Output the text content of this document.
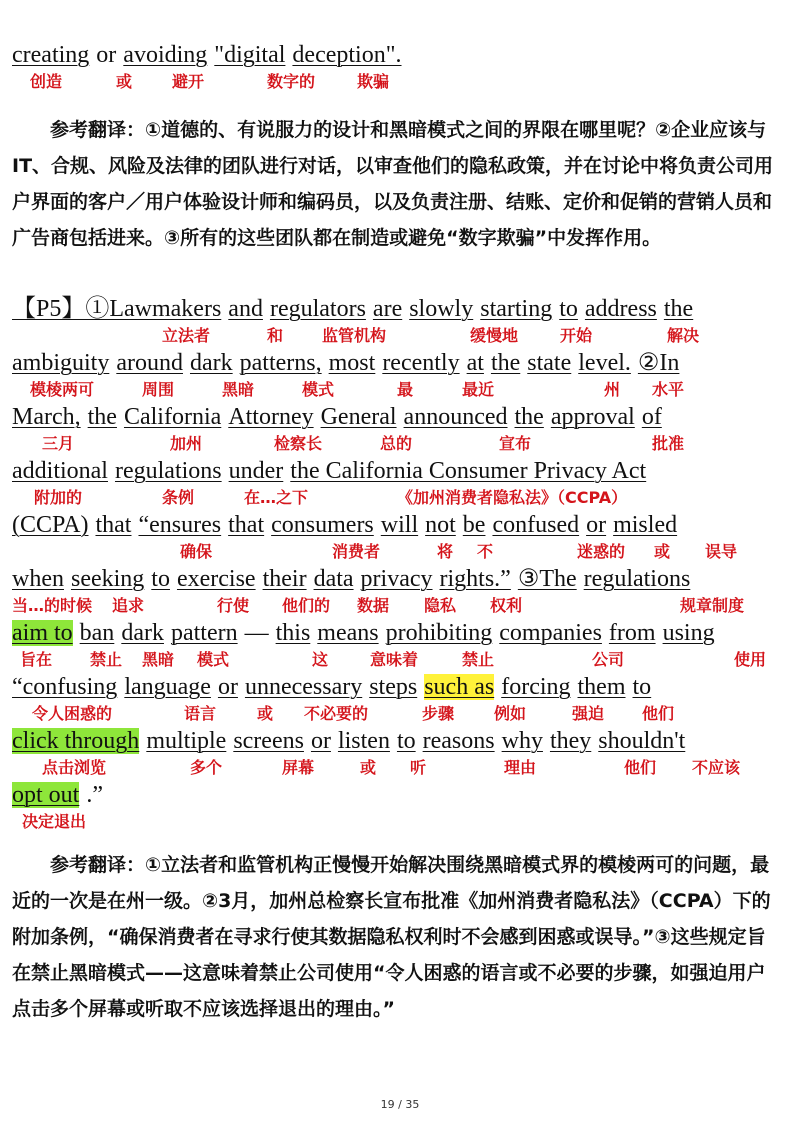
creating or avoiding "digital deception".
创造	或 避开	数字的	欺骗
参考翻译：①道德的、有说服力的设计和黑暗模式之间的界限在哪里呢？②企业应该与IT、合规、风险及法律的团队进行对话，以审查他们的隐私政策，并在讨论中将负责公司用户界面的客户／用户体验设计师和编码员，以及负责注册、结账、定价和促销的营销人员和广告商包括进来。③所有的这些团队都在制造或避免“数字欺骗”中发挥作用。
【P5】①Lawmakers and regulators are slowly starting to address the
立法者	和 监管机构	缓慢地	开始	解决
ambiguity around dark patterns, most recently at the state level. ②In
模棱两可	周围	黑暗	模式	最	最近	州 水平
March, the California Attorney General announced the approval of
三月	加州	检察长	总的	宣布	批准
additional regulations under the California Consumer Privacy Act
附加的	条例	在…之下	《加州消费者隐私法》（CCPA）
(CCPA) that “ensures that consumers will not be confused or misled
确保	消费者	将 不	迷惑的 或 误导
when seeking to exercise their data privacy rights.” ③The regulations
当…的时候 追求	行使 他们的 数据 隐私 权利	规章制度
aim to ban dark pattern — this means prohibiting companies from using
旨在 禁止 黑暗 模式	这	意味着	禁止	公司	使用
“confusing language or unnecessary steps such as forcing them to
令人困惑的	语言	或 不必要的	步骤 例如	强迫 他们
click through multiple screens or listen to reasons why they shouldn't
点击浏览	多个	屏幕	或 听	理由	他们 不应该
opt out .”
决定退出
参考翻译：①立法者和监管机构正慢慢开始解决围绕黑暗模式界的模棱两可的问题，最近的一次是在州一级。②3月，加州总检察长宣布批准《加州消费者隐私法》（CCPA）下的附加条例，“确保消费者在寻求行使其数据隐私权利时不会感到困惑或误导。”③这些规定旨在禁止黑暗模式——这意味着禁止公司使用“令人困惑的语言或不必要的步骤，如强迫用户点击多个屏幕或听取不应该选择退出的理由。”
19 / 35
